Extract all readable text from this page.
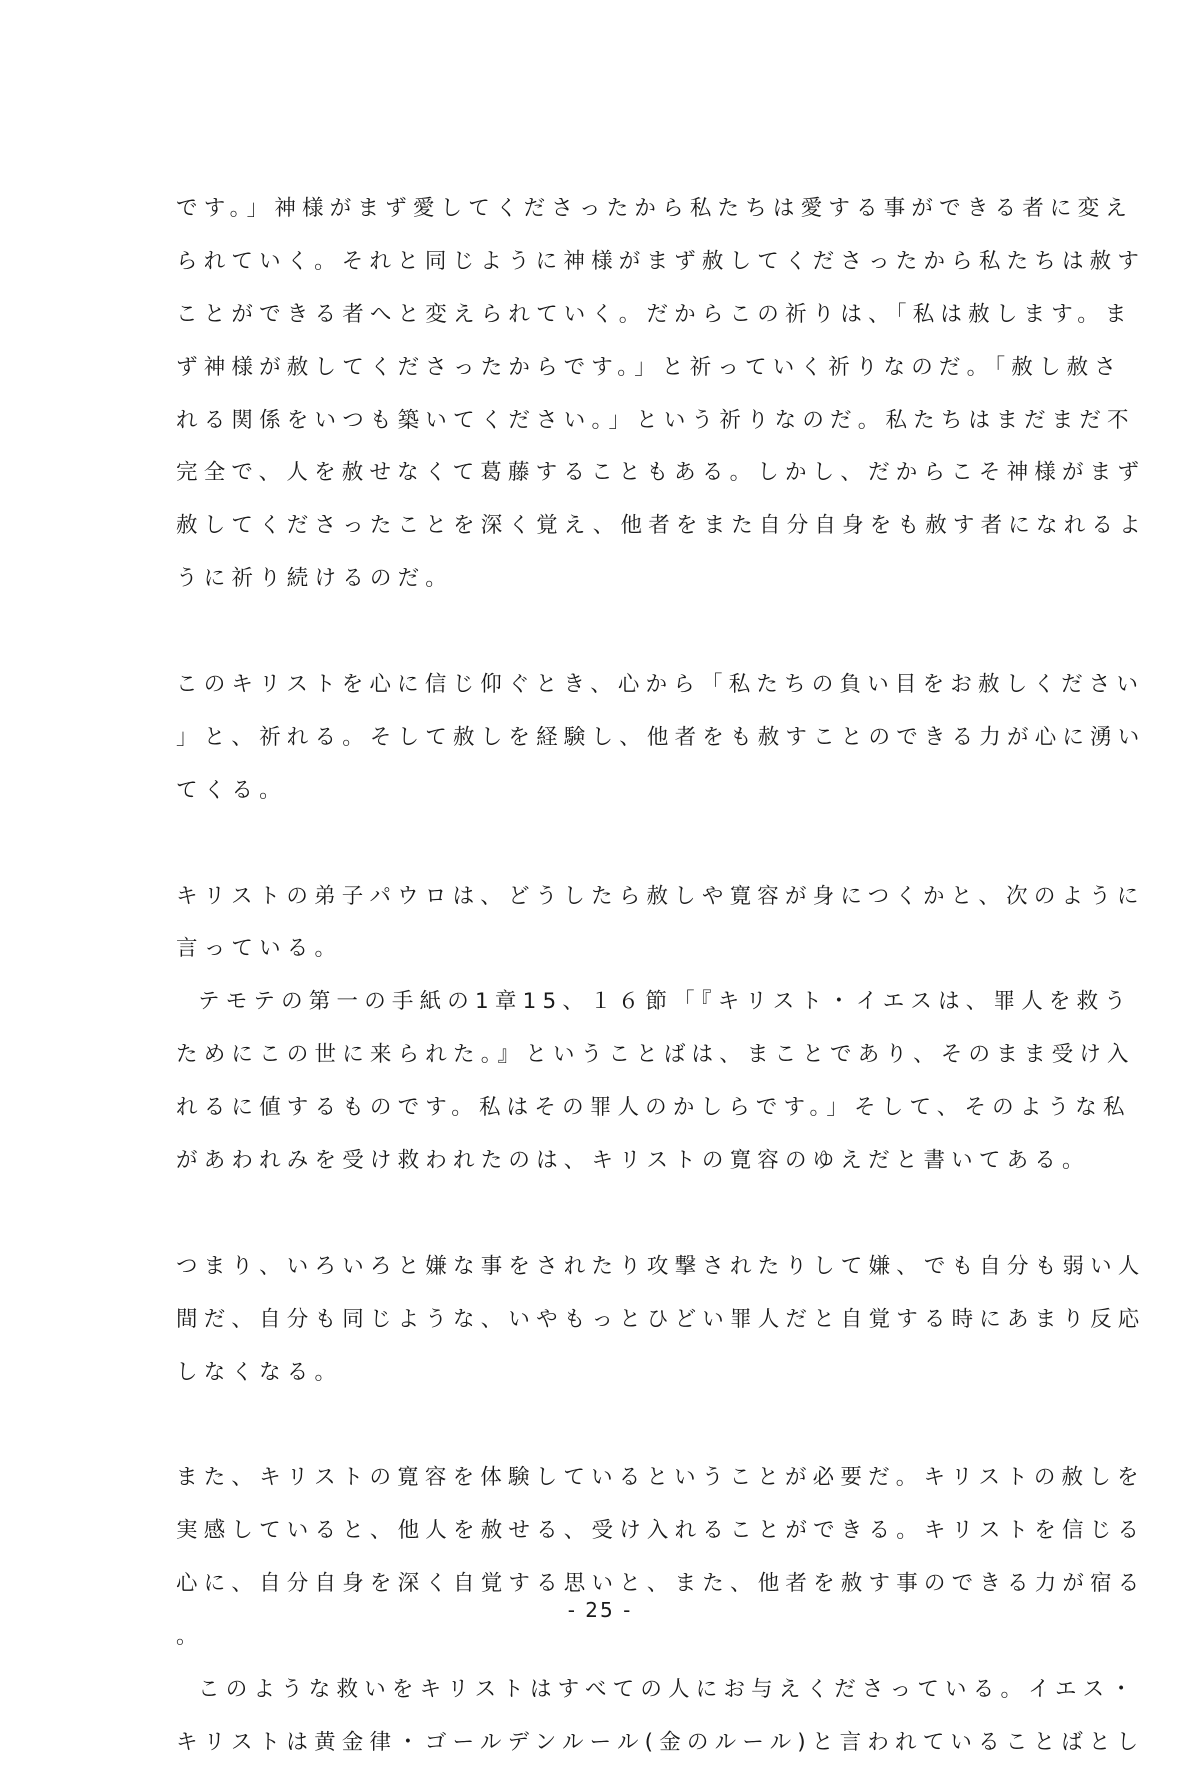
です。」神様がまず愛してくださったから私たちは愛する事ができる者に変え
られていく。それと同じように神様がまず赦してくださったから私たちは赦す
ことができる者へと変えられていく。だからこの祈りは、「私は赦します。ま
ず神様が赦してくださったからです。」と祈っていく祈りなのだ。「赦し赦さ
れる関係をいつも築いてください。」という祈りなのだ。私たちはまだまだ不
完全で、人を赦せなくて葛藤することもある。しかし、だからこそ神様がまず
赦してくださったことを深く覚え、他者をまた自分自身をも赦す者になれるよ
うに祈り続けるのだ。
このキリストを心に信じ仰ぐとき、心から「私たちの負い目をお赦しください
」と、祈れる。そして赦しを経験し、他者をも赦すことのできる力が心に湧い
てくる。
キリストの弟子パウロは、どうしたら赦しや寛容が身につくかと、次のように
言っている。
テモテの第一の手紙の1章15、１６節「『キリスト・イエスは、罪人を救う
ためにこの世に来られた。』ということばは、まことであり、そのまま受け入
れるに値するものです。私はその罪人のかしらです。」そして、そのような私
があわれみを受け救われたのは、キリストの寛容のゆえだと書いてある。
つまり、いろいろと嫌な事をされたり攻撃されたりして嫌、でも自分も弱い人
間だ、自分も同じような、いやもっとひどい罪人だと自覚する時にあまり反応
しなくなる。
また、キリストの寛容を体験しているということが必要だ。キリストの赦しを
実感していると、他人を赦せる、受け入れることができる。キリストを信じる
心に、自分自身を深く自覚する思いと、また、他者を赦す事のできる力が宿る
。
このような救いをキリストはすべての人にお与えくださっている。イエス・
キリストは黄金律・ゴールデンルール(金のルール)と言われていることばとし
- 25 -
